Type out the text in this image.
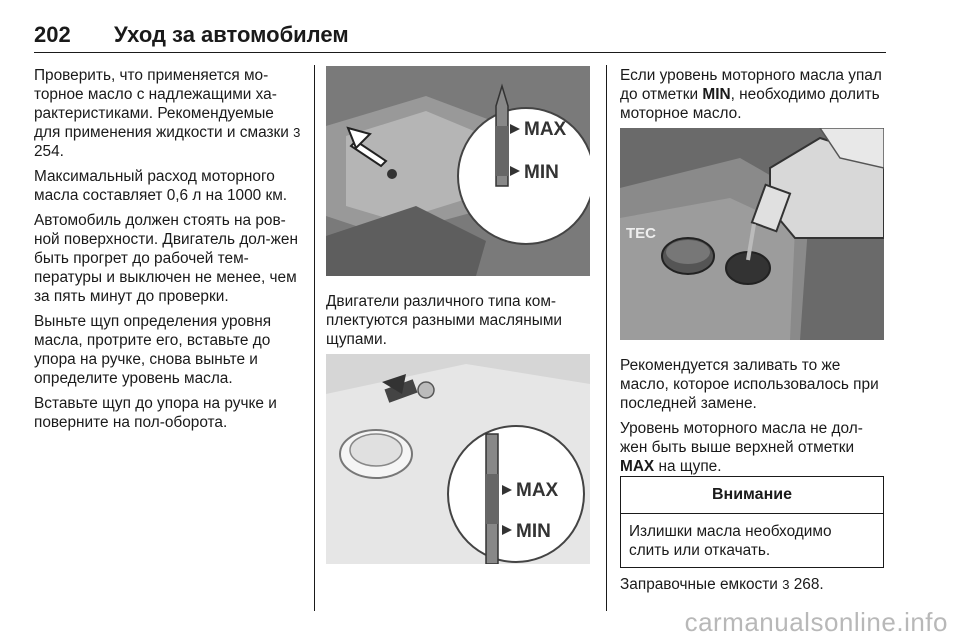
202 Уход за автомобилем

Проверить, что применяется мо-торное масло с надлежащими ха-рактеристиками. Рекомендуемые для применения жидкости и смазки 3 254.

Максимальный расход моторного масла составляет 0,6 л на 1000 км.

Автомобиль должен стоять на ров-ной поверхности. Двигатель дол-жен быть прогрет до рабочей тем-пературы и выключен не менее, чем за пять минут до проверки.

Выньте щуп определения уровня масла, протрите его, вставьте до упора на ручке, снова выньте и определите уровень масла.

Вставьте щуп до упора на ручке и поверните на пол-оборота.

MAX
MIN

Двигатели различного типа ком-плектуются разными масляными щупами.

MAX
MIN

Если уровень моторного масла упал до отметки MIN, необходимо долить моторное масло.

TEC

Рекомендуется заливать то же масло, которое использовалось при последней замене.

Уровень моторного масла не дол-жен быть выше верхней отметки MAX на щупе.

Внимание
Излишки масла необходимо слить или откачать.
Заправочные емкости 3 268.
carmanualsonline.info
